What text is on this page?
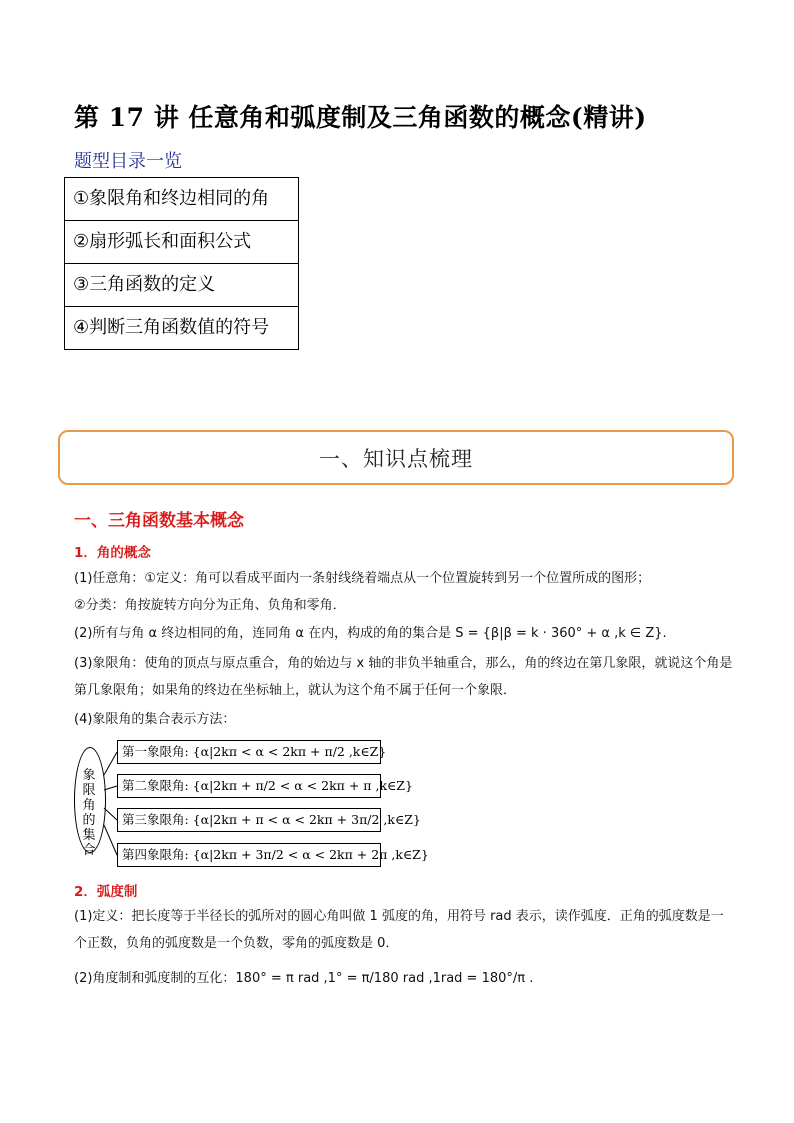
第 17 讲 任意角和弧度制及三角函数的概念(精讲)
题型目录一览
①象限角和终边相同的角
②扇形弧长和面积公式
③三角函数的定义
④判断三角函数值的符号
一、知识点梳理
一、三角函数基本概念
1．角的概念
(1)任意角：①定义：角可以看成平面内一条射线绕着端点从一个位置旋转到另一个位置所成的图形；
②分类：角按旋转方向分为正角、负角和零角．
(2)所有与角 α 终边相同的角，连同角 α 在内，构成的角的集合是 S = {β|β = k · 360° + α ,k ∈ Z}.
(3)象限角：使角的顶点与原点重合，角的始边与 x 轴的非负半轴重合，那么，角的终边在第几象限，就说这个角是第几象限角；如果角的终边在坐标轴上，就认为这个角不属于任何一个象限．
(4)象限角的集合表示方法：
象限角的集合
第一象限角: {α|2kπ < α < 2kπ + π/2 ,k∈Z}
第二象限角: {α|2kπ + π/2 < α < 2kπ + π ,k∈Z}
第三象限角: {α|2kπ + π < α < 2kπ + 3π/2 ,k∈Z}
第四象限角: {α|2kπ + 3π/2 < α < 2kπ + 2π ,k∈Z}
2．弧度制
(1)定义：把长度等于半径长的弧所对的圆心角叫做 1 弧度的角，用符号 rad 表示，读作弧度．正角的弧度数是一个正数，负角的弧度数是一个负数，零角的弧度数是 0．
(2)角度制和弧度制的互化：180° = π rad ,1° = π/180 rad ,1rad = 180°/π .
